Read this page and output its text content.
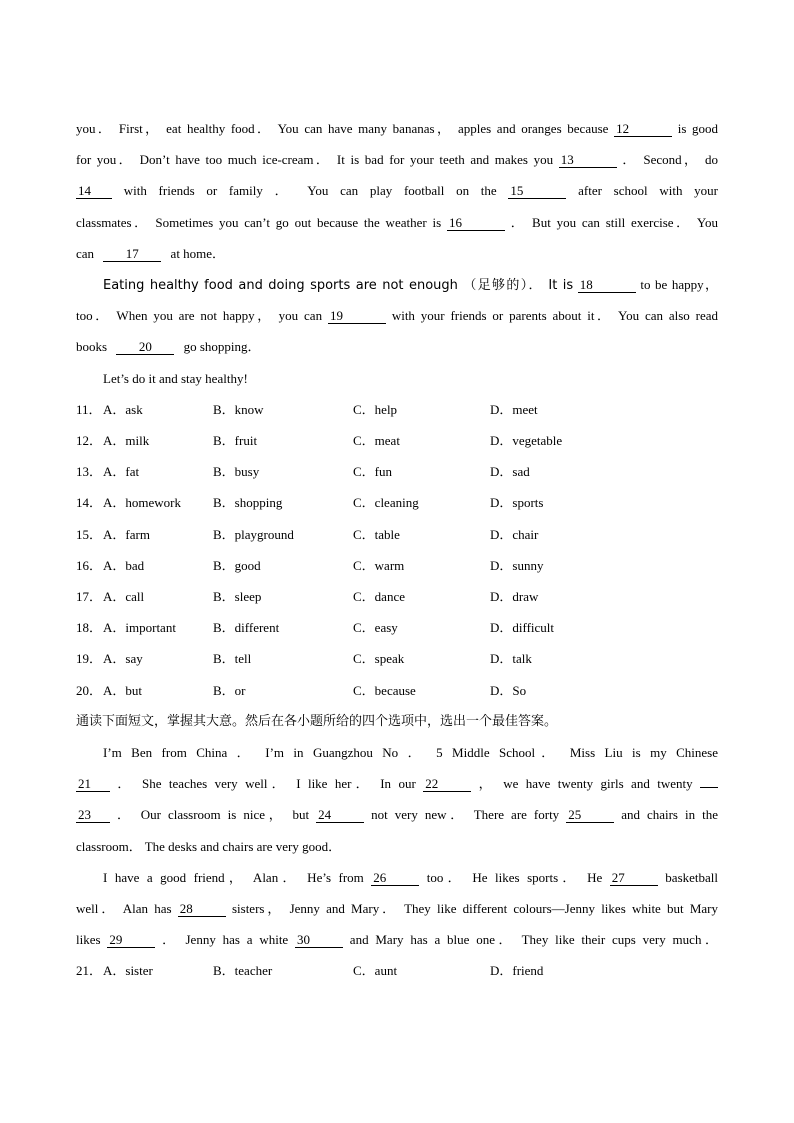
you． First， eat healthy food． You can have many bananas， apples and oranges because 12	is good
for you． Don’t have too much ice-cream． It is bad for your teeth and makes you 13	． Second， do
14	with friends or family ． You can play football on the 15	after school with your
classmates． Sometimes you can’t go out because the weather is 16	． But you can still exercise． You
can 17 at home．
Eating healthy food and doing sports are not enough （足够的）． It is 18	to be happy，
too． When you are not happy， you can 19	with your friends or parents about it． You can also read
books 20 go shopping．
Let’s do it and stay healthy!
11． A．ask	B．know	C．help	D．meet
12． A．milk	B．fruit	C．meat	D．vegetable
13． A．fat	B．busy	C．fun	D．sad
14． A．homework B．shopping	C．cleaning	D．sports
15． A．farm	B．playground	C．table	D．chair
16． A．bad	B．good	C．warm	D．sunny
17． A．call	B．sleep	C．dance	D．draw
18． A．important	B．different	C．easy	D．difficult
19． A．say	B．tell	C．speak	D．talk
20． A．but	B．or	C．because	D．So
通读下面短文，掌握其大意。然后在各小题所给的四个选项中，选出一个最佳答案。
I’m Ben from China ． I’m in Guangzhou No ． 5 Middle School． Miss Liu is my Chinese
21 ． She teaches very well． I like her． In our 22	， we have twenty girls and twenty
23 ． Our classroom is nice， but 24	not very new． There are forty 25	and chairs in the
classroom． The desks and chairs are very good．
I have a good friend， Alan． He’s from 26	too． He likes sports． He 27	basketball
well． Alan has 28	sisters， Jenny and Mary． They like different colours—Jenny likes white but Mary
likes 29	． Jenny has a white 30	and Mary has a blue one． They like their cups very much．
21． A．sister	B．teacher	C．aunt	D．friend
